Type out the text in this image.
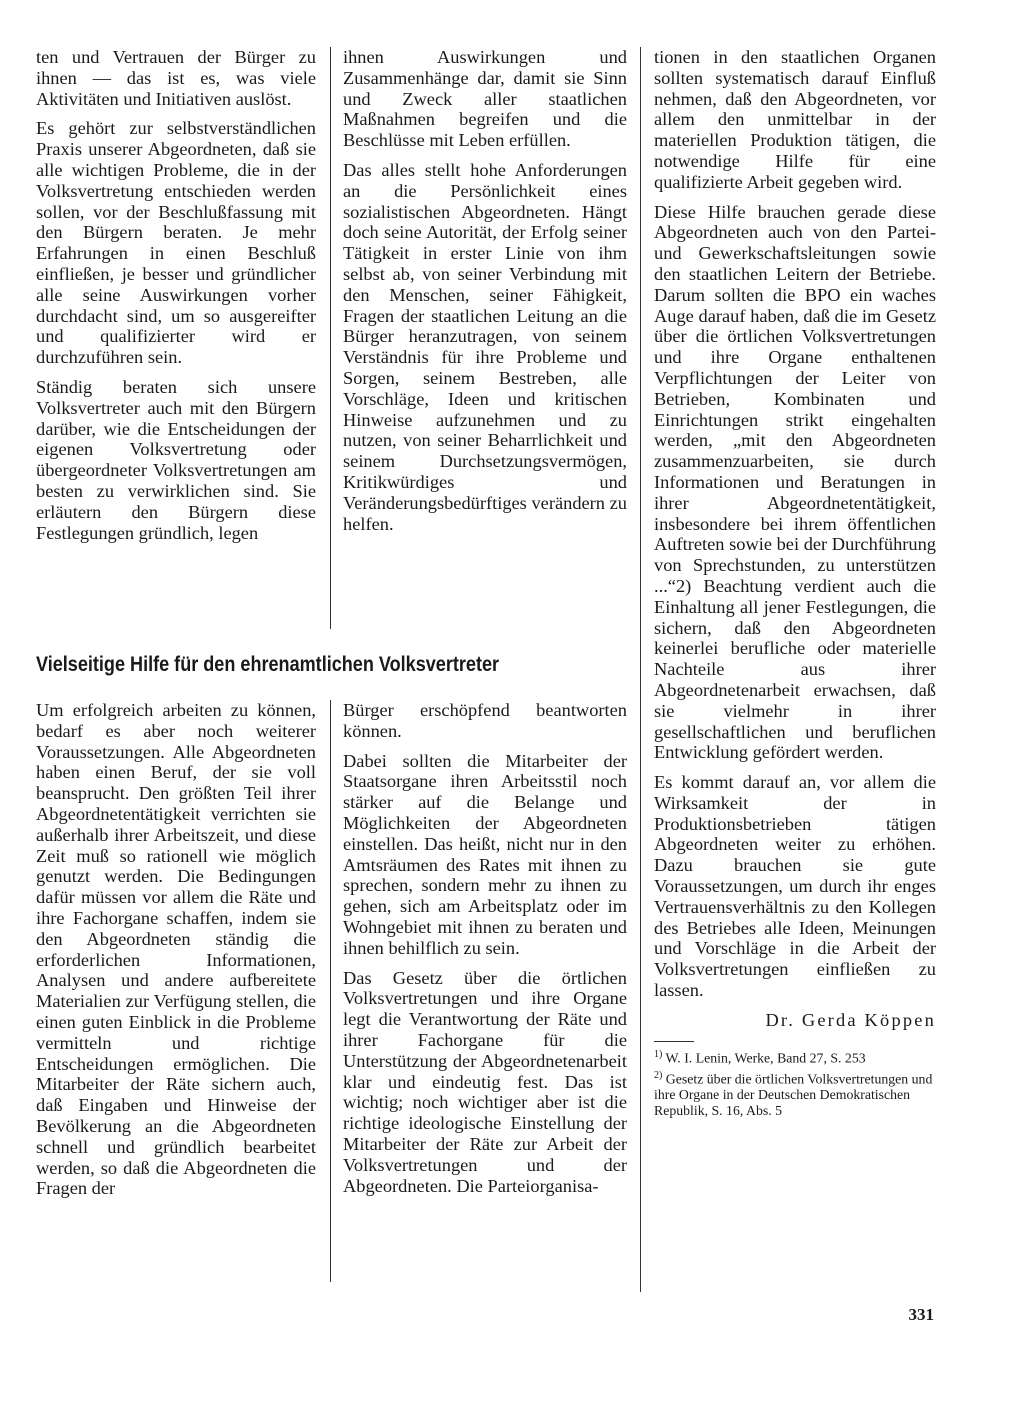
ten und Vertrauen der Bürger zu ihnen — das ist es, was viele Aktivitäten und Initiativen auslöst.

Es gehört zur selbstverständlichen Praxis unserer Abgeordneten, daß sie alle wichtigen Probleme, die in der Volksvertretung entschieden werden sollen, vor der Beschlußfassung mit den Bürgern beraten. Je mehr Erfahrungen in einen Beschluß einfließen, je besser und gründlicher alle seine Auswirkungen vorher durchdacht sind, um so ausgereifter und qualifizierter wird er durchzuführen sein.

Ständig beraten sich unsere Volksvertreter auch mit den Bürgern darüber, wie die Entscheidungen der eigenen Volksvertretung oder übergeordneter Volksvertretungen am besten zu verwirklichen sind. Sie erläutern den Bürgern diese Festlegungen gründlich, legen

ihnen Auswirkungen und Zusammenhänge dar, damit sie Sinn und Zweck aller staatlichen Maßnahmen begreifen und die Beschlüsse mit Leben erfüllen.

Das alles stellt hohe Anforderungen an die Persönlichkeit eines sozialistischen Abgeordneten. Hängt doch seine Autorität, der Erfolg seiner Tätigkeit in erster Linie von ihm selbst ab, von seiner Verbindung mit den Menschen, seiner Fähigkeit, Fragen der staatlichen Leitung an die Bürger heranzutragen, von seinem Verständnis für ihre Probleme und Sorgen, seinem Bestreben, alle Vorschläge, Ideen und kritischen Hinweise aufzunehmen und zu nutzen, von seiner Beharrlichkeit und seinem Durchsetzungsvermögen, Kritikwürdiges und Veränderungsbedürftiges verändern zu helfen.

Vielseitige Hilfe für den ehrenamtlichen Volksvertreter

Um erfolgreich arbeiten zu können, bedarf es aber noch weiterer Voraussetzungen. Alle Abgeordneten haben einen Beruf, der sie voll beansprucht. Den größten Teil ihrer Abgeordnetentätigkeit verrichten sie außerhalb ihrer Arbeitszeit, und diese Zeit muß so rationell wie möglich genutzt werden. Die Bedingungen dafür müssen vor allem die Räte und ihre Fachorgane schaffen, indem sie den Abgeordneten ständig die erforderlichen Informationen, Analysen und andere aufbereitete Materialien zur Verfügung stellen, die einen guten Einblick in die Probleme vermitteln und richtige Entscheidungen ermöglichen. Die Mitarbeiter der Räte sichern auch, daß Eingaben und Hinweise der Bevölkerung an die Abgeordneten schnell und gründlich bearbeitet werden, so daß die Abgeordneten die Fragen der

Bürger erschöpfend beantworten können.

Dabei sollten die Mitarbeiter der Staatsorgane ihren Arbeitsstil noch stärker auf die Belange und Möglichkeiten der Abgeordneten einstellen. Das heißt, nicht nur in den Amtsräumen des Rates mit ihnen zu sprechen, sondern mehr zu ihnen zu gehen, sich am Arbeitsplatz oder im Wohngebiet mit ihnen zu beraten und ihnen behilflich zu sein.

Das Gesetz über die örtlichen Volksvertretungen und ihre Organe legt die Verantwortung der Räte und ihrer Fachorgane für die Unterstützung der Abgeordnetenarbeit klar und eindeutig fest. Das ist wichtig; noch wichtiger aber ist die richtige ideologische Einstellung der Mitarbeiter der Räte zur Arbeit der Volksvertretungen und der Abgeordneten. Die Parteiorganisa-

tionen in den staatlichen Organen sollten systematisch darauf Einfluß nehmen, daß den Abgeordneten, vor allem den unmittelbar in der materiellen Produktion tätigen, die notwendige Hilfe für eine qualifizierte Arbeit gegeben wird.

Diese Hilfe brauchen gerade diese Abgeordneten auch von den Partei- und Gewerkschaftsleitungen sowie den staatlichen Leitern der Betriebe. Darum sollten die BPO ein waches Auge darauf haben, daß die im Gesetz über die örtlichen Volksvertretungen und ihre Organe enthaltenen Verpflichtungen der Leiter von Betrieben, Kombinaten und Einrichtungen strikt eingehalten werden, „mit den Abgeordneten zusammenzuarbeiten, sie durch Informationen und Beratungen in ihrer Abgeordnetentätigkeit, insbesondere bei ihrem öffentlichen Auftreten sowie bei der Durchführung von Sprechstunden, zu unterstützen ...“2) Beachtung verdient auch die Einhaltung all jener Festlegungen, die sichern, daß den Abgeordneten keinerlei berufliche oder materielle Nachteile aus ihrer Abgeordnetenarbeit erwachsen, daß sie vielmehr in ihrer gesellschaftlichen und beruflichen Entwicklung gefördert werden.

Es kommt darauf an, vor allem die Wirksamkeit der in Produktionsbetrieben tätigen Abgeordneten weiter zu erhöhen. Dazu brauchen sie gute Voraussetzungen, um durch ihr enges Vertrauensverhältnis zu den Kollegen des Betriebes alle Ideen, Meinungen und Vorschläge in die Arbeit der Volksvertretungen einfließen zu lassen.

Dr. Gerda Köppen
$^{1)}$ W. I. Lenin, Werke, Band 27, S. 253
$^{2)}$ Gesetz über die örtlichen Volksvertretungen und ihre Organe in der Deutschen Demokratischen Republik, S. 16, Abs. 5
331
